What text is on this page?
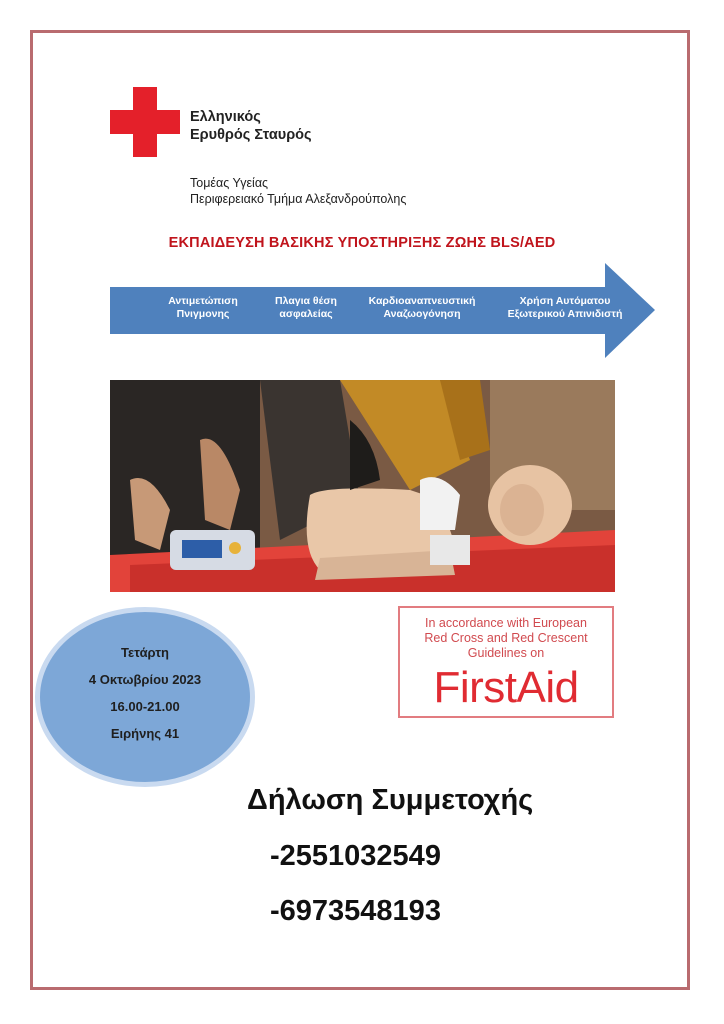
Ελληνικός
Ερυθρός Σταυρός
Τομέας Υγείας
Περιφερειακό Τμήμα Αλεξανδρούπολης
ΕΚΠΑΙΔΕΥΣΗ ΒΑΣΙΚΗΣ ΥΠΟΣΤΗΡΙΞΗΣ ΖΩΗΣ BLS/AED
Αντιμετώπιση
Πνιγμονης
Πλαγια θέση
ασφαλείας
Καρδιοαναπνευστική
Αναζωογόνηση
Χρήση Αυτόματου
Εξωτερικού Απινιδιστή
Τετάρτη
4 Οκτωβρίου 2023
16.00-21.00
Ειρήνης 41
In accordance with European
Red Cross and Red Crescent
Guidelines on
FirstAid
Δήλωση Συμμετοχής
-2551032549
-6973548193
